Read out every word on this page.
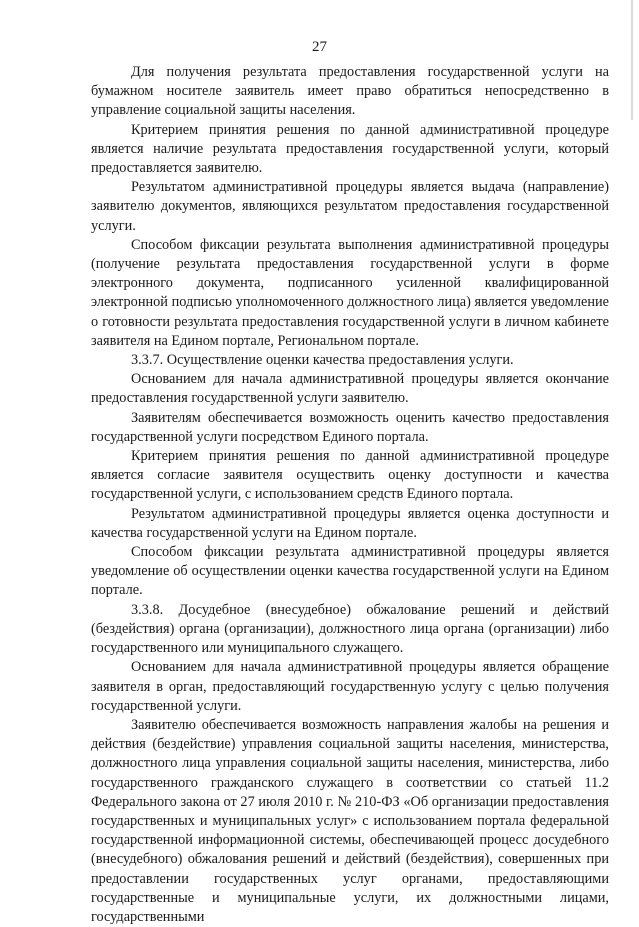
27

Для получения результата предоставления государственной услуги на бумажном носителе заявитель имеет право обратиться непосредственно в управление социальной защиты населения.

Критерием принятия решения по данной административной процедуре является наличие результата предоставления государственной услуги, который предоставляется заявителю.

Результатом административной процедуры является выдача (направление) заявителю документов, являющихся результатом предоставления государственной услуги.

Способом фиксации результата выполнения административной процедуры (получение результата предоставления государственной услуги в форме электронного документа, подписанного усиленной квалифицированной электронной подписью уполномоченного должностного лица) является уведомление о готовности результата предоставления государственной услуги в личном кабинете заявителя на Едином портале, Региональном портале.

3.3.7. Осуществление оценки качества предоставления услуги.

Основанием для начала административной процедуры является окончание предоставления государственной услуги заявителю.

Заявителям обеспечивается возможность оценить качество предоставления государственной услуги посредством Единого портала.

Критерием принятия решения по данной административной процедуре является согласие заявителя осуществить оценку доступности и качества государственной услуги, с использованием средств Единого портала.

Результатом административной процедуры является оценка доступности и качества государственной услуги на Едином портале.

Способом фиксации результата административной процедуры является уведомление об осуществлении оценки качества государственной услуги на Едином портале.

3.3.8. Досудебное (внесудебное) обжалование решений и действий (бездействия) органа (организации), должностного лица органа (организации) либо государственного или муниципального служащего.

Основанием для начала административной процедуры является обращение заявителя в орган, предоставляющий государственную услугу с целью получения государственной услуги.

Заявителю обеспечивается возможность направления жалобы на решения и действия (бездействие) управления социальной защиты населения, министерства, должностного лица управления социальной защиты населения, министерства, либо государственного гражданского служащего в соответствии со статьей 11.2 Федерального закона от 27 июля 2010 г. № 210-ФЗ «Об организации предоставления государственных и муниципальных услуг» с использованием портала федеральной государственной информационной системы, обеспечивающей процесс досудебного (внесудебного) обжалования решений и действий (бездействия), совершенных при предоставлении государственных услуг органами, предоставляющими государственные и муниципальные услуги, их должностными лицами, государственными
